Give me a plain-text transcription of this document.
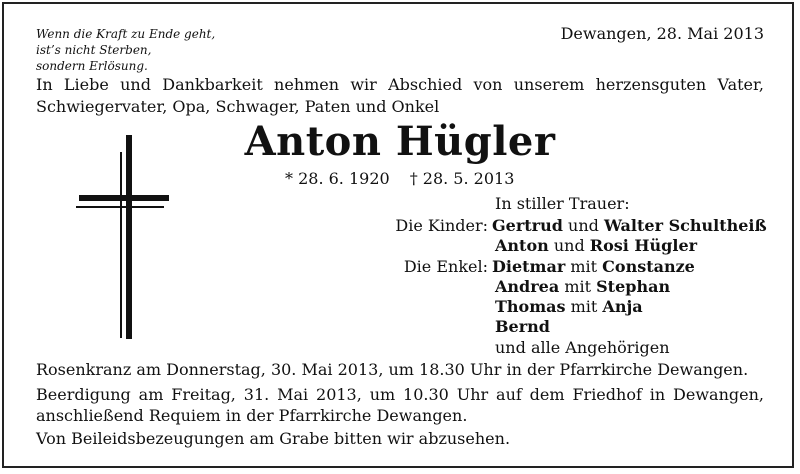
Wenn die Kraft zu Ende geht,
ist’s nicht Sterben,
sondern Erlösung.
Dewangen, 28. Mai 2013
In Liebe und Dankbarkeit nehmen wir Abschied von unserem herzensguten Vater, Schwiegervater, Opa, Schwager, Paten und Onkel
Anton Hügler
* 28. 6. 1920 † 28. 5. 2013
In stiller Trauer:
Die Kinder: Gertrud und Walter Schultheiß
Anton und Rosi Hügler
Die Enkel: Dietmar mit Constanze
Andrea mit Stephan
Thomas mit Anja
Bernd
und alle Angehörigen
Rosenkranz am Donnerstag, 30. Mai 2013, um 18.30 Uhr in der Pfarrkirche Dewangen.
Beerdigung am Freitag, 31. Mai 2013, um 10.30 Uhr auf dem Friedhof in Dewangen, anschließend Requiem in der Pfarrkirche Dewangen.
Von Beileidsbezeugungen am Grabe bitten wir abzusehen.
